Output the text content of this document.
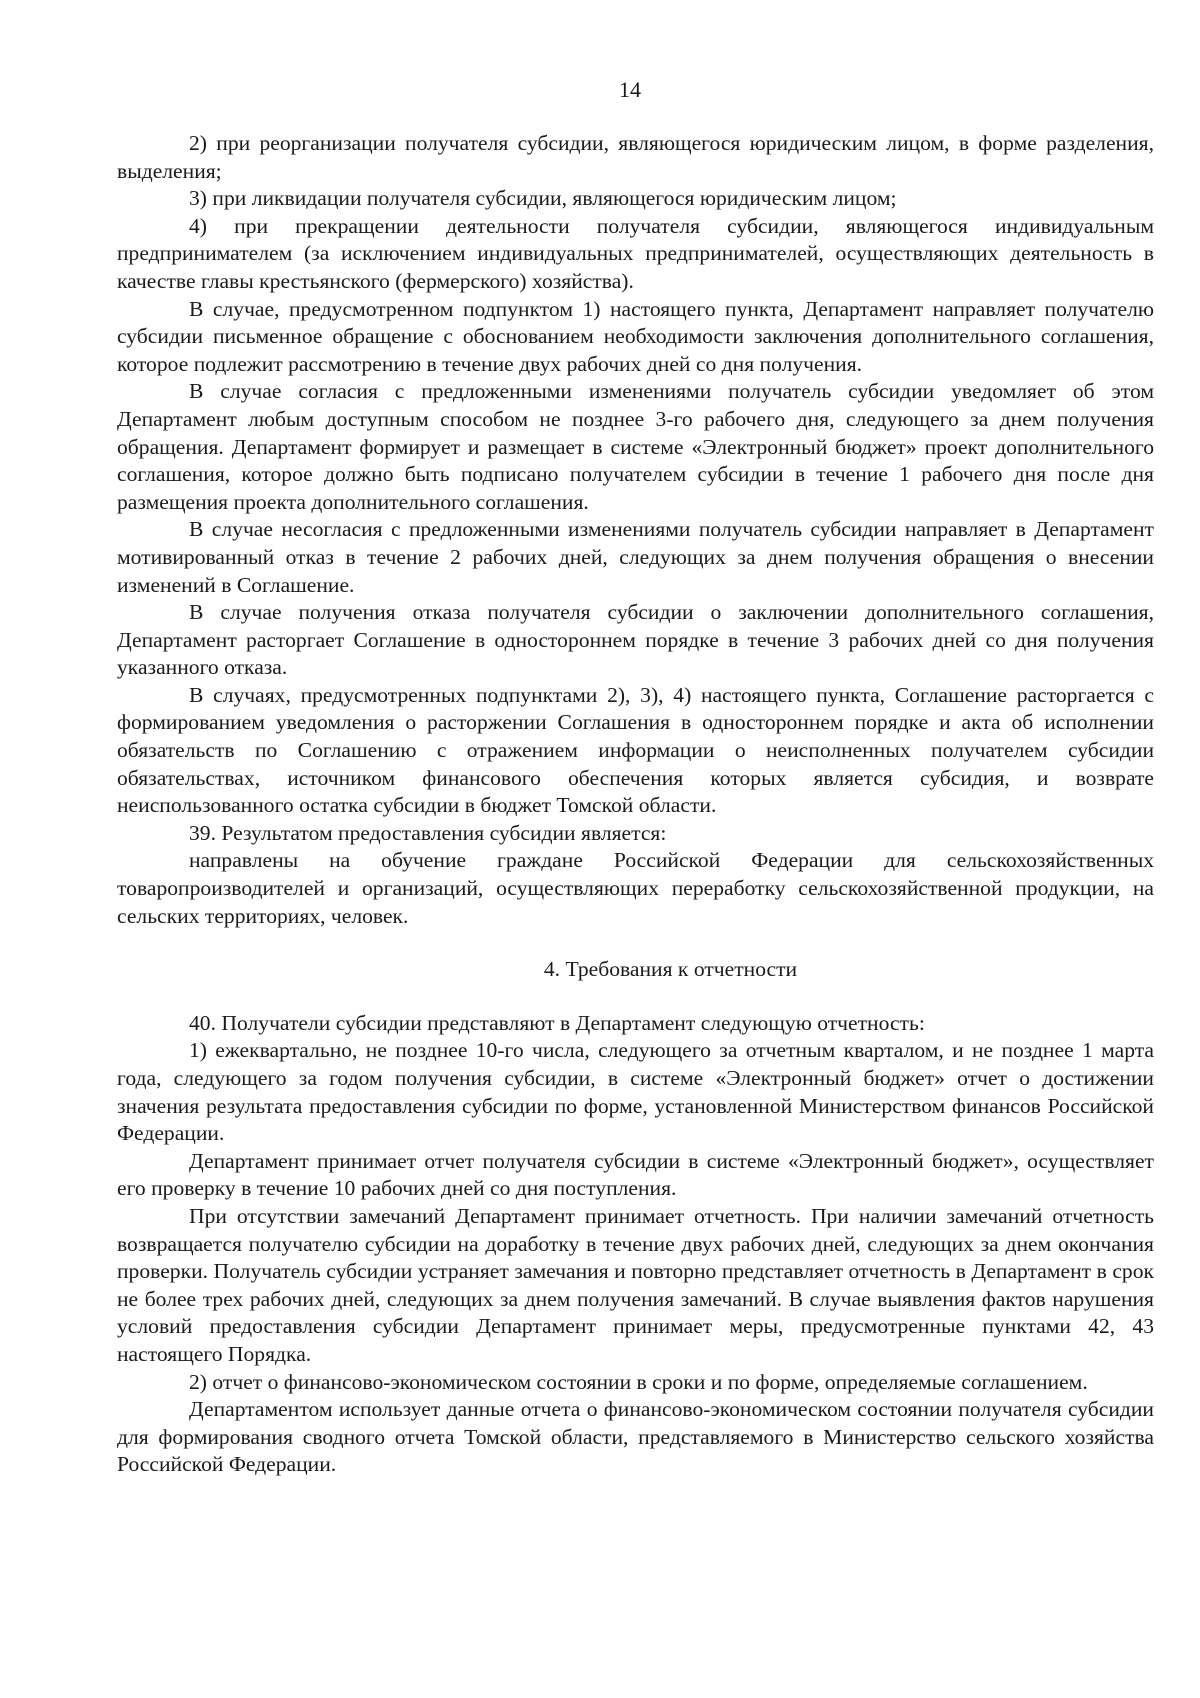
14

2) при реорганизации получателя субсидии, являющегося юридическим лицом, в форме разделения, выделения;

3) при ликвидации получателя субсидии, являющегося юридическим лицом;

4) при прекращении деятельности получателя субсидии, являющегося индивидуальным предпринимателем (за исключением индивидуальных предпринимателей, осуществляющих деятельность в качестве главы крестьянского (фермерского) хозяйства).

В случае, предусмотренном подпунктом 1) настоящего пункта, Департамент направляет получателю субсидии письменное обращение с обоснованием необходимости заключения дополнительного соглашения, которое подлежит рассмотрению в течение двух рабочих дней со дня получения.

В случае согласия с предложенными изменениями получатель субсидии уведомляет об этом Департамент любым доступным способом не позднее 3-го рабочего дня, следующего за днем получения обращения. Департамент формирует и размещает в системе «Электронный бюджет» проект дополнительного соглашения, которое должно быть подписано получателем субсидии в течение 1 рабочего дня после дня размещения проекта дополнительного соглашения.

В случае несогласия с предложенными изменениями получатель субсидии направляет в Департамент мотивированный отказ в течение 2 рабочих дней, следующих за днем получения обращения о внесении изменений в Соглашение.

В случае получения отказа получателя субсидии о заключении дополнительного соглашения, Департамент расторгает Соглашение в одностороннем порядке в течение 3 рабочих дней со дня получения указанного отказа.

В случаях, предусмотренных подпунктами 2), 3), 4) настоящего пункта, Соглашение расторгается с формированием уведомления о расторжении Соглашения в одностороннем порядке и акта об исполнении обязательств по Соглашению с отражением информации о неисполненных получателем субсидии обязательствах, источником финансового обеспечения которых является субсидия, и возврате неиспользованного остатка субсидии в бюджет Томской области.

39. Результатом предоставления субсидии является:

направлены на обучение граждане Российской Федерации для сельскохозяйственных товаропроизводителей и организаций, осуществляющих переработку сельскохозяйственной продукции, на сельских территориях, человек.

4. Требования к отчетности

40. Получатели субсидии представляют в Департамент следующую отчетность:

1) ежеквартально, не позднее 10-го числа, следующего за отчетным кварталом, и не позднее 1 марта года, следующего за годом получения субсидии, в системе «Электронный бюджет» отчет о достижении значения результата предоставления субсидии по форме, установленной Министерством финансов Российской Федерации.

Департамент принимает отчет получателя субсидии в системе «Электронный бюджет», осуществляет его проверку в течение 10 рабочих дней со дня поступления.

При отсутствии замечаний Департамент принимает отчетность. При наличии замечаний отчетность возвращается получателю субсидии на доработку в течение двух рабочих дней, следующих за днем окончания проверки. Получатель субсидии устраняет замечания и повторно представляет отчетность в Департамент в срок не более трех рабочих дней, следующих за днем получения замечаний. В случае выявления фактов нарушения условий предоставления субсидии Департамент принимает меры, предусмотренные пунктами 42, 43 настоящего Порядка.

2) отчет о финансово-экономическом состоянии в сроки и по форме, определяемые соглашением.

Департаментом использует данные отчета о финансово-экономическом состоянии получателя субсидии для формирования сводного отчета Томской области, представляемого в Министерство сельского хозяйства Российской Федерации.
